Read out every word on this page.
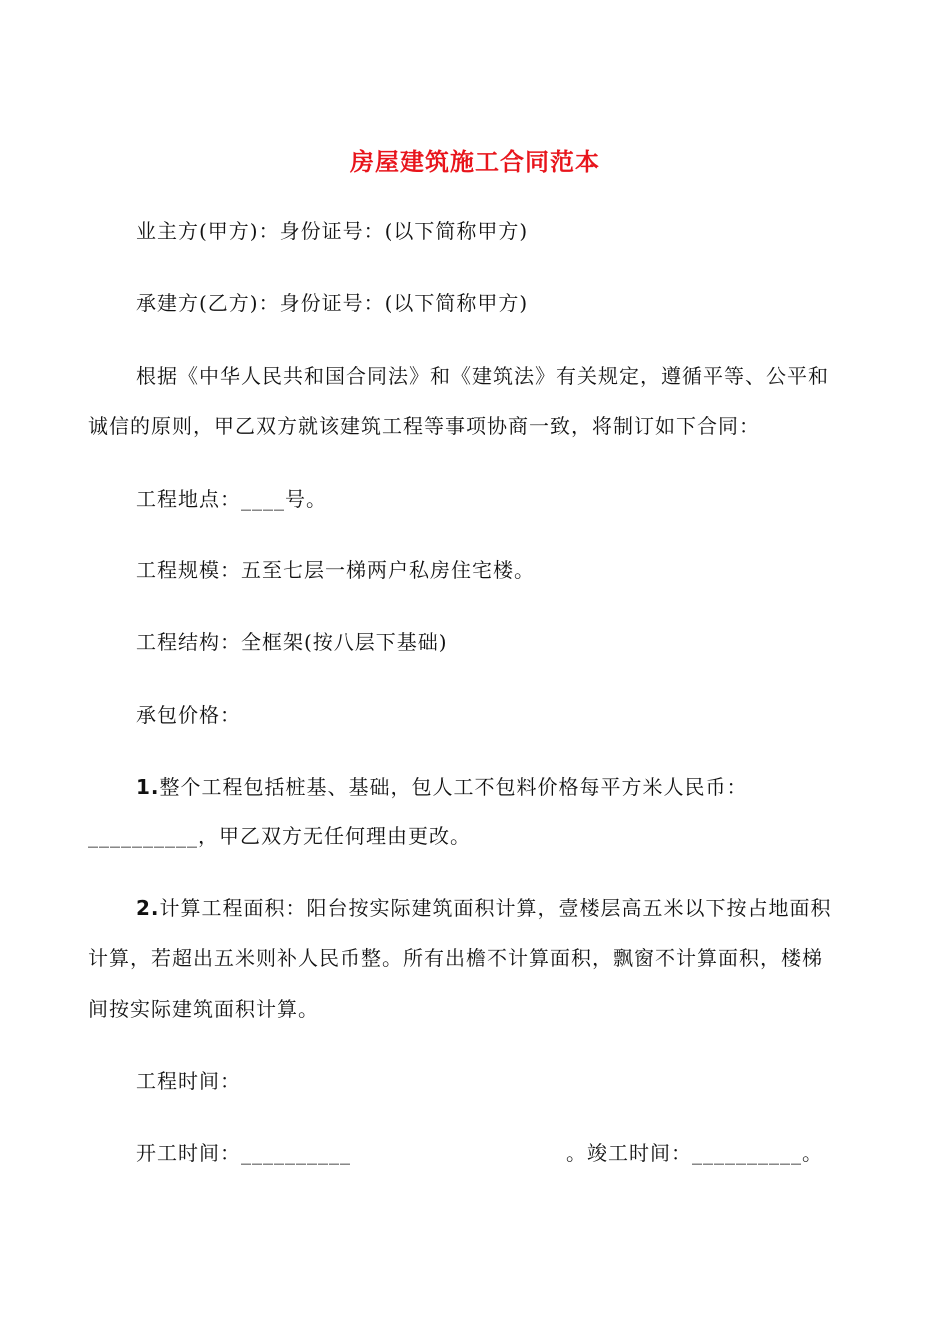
房屋建筑施工合同范本
业主方(甲方)：身份证号：(以下简称甲方)
承建方(乙方)：身份证号：(以下简称甲方)
根据《中华人民共和国合同法》和《建筑法》有关规定，遵循平等、公平和
诚信的原则，甲乙双方就该建筑工程等事项协商一致，将制订如下合同：
工程地点：____号。
工程规模：五至七层一梯两户私房住宅楼。
工程结构：全框架(按八层下基础)
承包价格：
1.整个工程包括桩基、基础，包人工不包料价格每平方米人民币：
__________，甲乙双方无任何理由更改。
2.计算工程面积：阳台按实际建筑面积计算，壹楼层高五米以下按占地面积
计算，若超出五米则补人民币整。所有出檐不计算面积，飘窗不计算面积，楼梯
间按实际建筑面积计算。
工程时间：
开工时间：__________	。竣工时间：__________。
